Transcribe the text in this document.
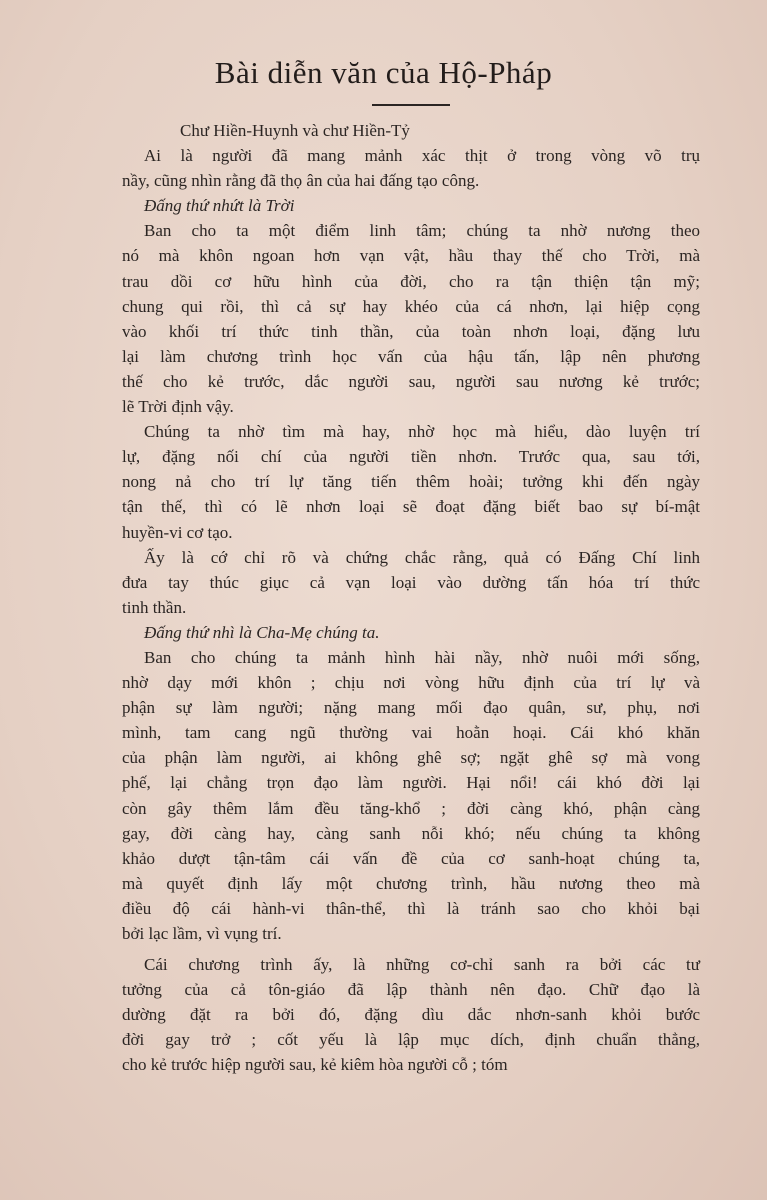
Bài diễn văn của Hộ-Pháp
Chư Hiền-Huynh và chư Hiền-Tỷ

Ai là người đã mang mảnh xác thịt ở trong vòng võ trụ
nầy, cũng nhìn rằng đã thọ ân của hai đấng tạo công.

Đấng thứ nhứt là Trời

Ban cho ta một điểm linh tâm; chúng ta nhờ nương theo
nó mà khôn ngoan hơn vạn vật, hầu thay thế cho Trời, mà
trau dồi cơ hữu hình của đời, cho ra tận thiện tận mỹ;
chung qui rồi, thì cả sự hay khéo của cá nhơn, lại hiệp cọng
vào khối trí thức tinh thần, của toàn nhơn loại, đặng lưu
lại làm chương trình học vấn của hậu tấn, lập nên phương
thế cho kẻ trước, dắc người sau, người sau nương kẻ trước;
lẽ Trời định vậy.

Chúng ta nhờ tìm mà hay, nhờ học mà hiểu, dào luyện trí
lự, đặng nối chí của người tiền nhơn. Trước qua, sau tới,
nong nả cho trí lự tăng tiến thêm hoài; tưởng khi đến ngày
tận thế, thì có lẽ nhơn loại sẽ đoạt đặng biết bao sự bí-mật
huyền-vi cơ tạo.

Ấy là cớ chỉ rõ và chứng chắc rằng, quả có Đấng Chí linh
đưa tay thúc giục cả vạn loại vào dường tấn hóa trí thức
tinh thần.

Đấng thứ nhì là Cha-Mẹ chúng ta.

Ban cho chúng ta mảnh hình hài nầy, nhờ nuôi mới sống,
nhờ dạy mới khôn ; chịu nơi vòng hữu định của trí lự và
phận sự làm người; nặng mang mối đạo quân, sư, phụ, nơi
mình, tam cang ngũ thường vai hoằn hoại. Cái khó khăn
của phận làm người, ai không ghê sợ; ngặt ghê sợ mà vong
phế, lại chẳng trọn đạo làm người. Hại nổi! cái khó đời lại
còn gây thêm lắm đều tăng-khổ ; đời càng khó, phận càng
gay, đời càng hay, càng sanh nỗi khó; nếu chúng ta không
khảo dượt tận-tâm cái vấn đề của cơ sanh-hoạt chúng ta,
mà quyết định lấy một chương trình, hầu nương theo mà
điều độ cái hành-vi thân-thể, thì là tránh sao cho khỏi bại
bởi lạc lầm, vì vụng trí.

Cái chương trình ấy, là những cơ-chỉ sanh ra bởi các tư
tưởng của cả tôn-giáo đã lập thành nên đạo. Chữ đạo là
dường đặt ra bởi đó, đặng dìu dắc nhơn-sanh khỏi bước
đời gay trở ; cốt yếu là lập mục dích, định chuẩn thẳng,
cho kẻ trước hiệp người sau, kẻ kiêm hòa người cỗ ; tóm
